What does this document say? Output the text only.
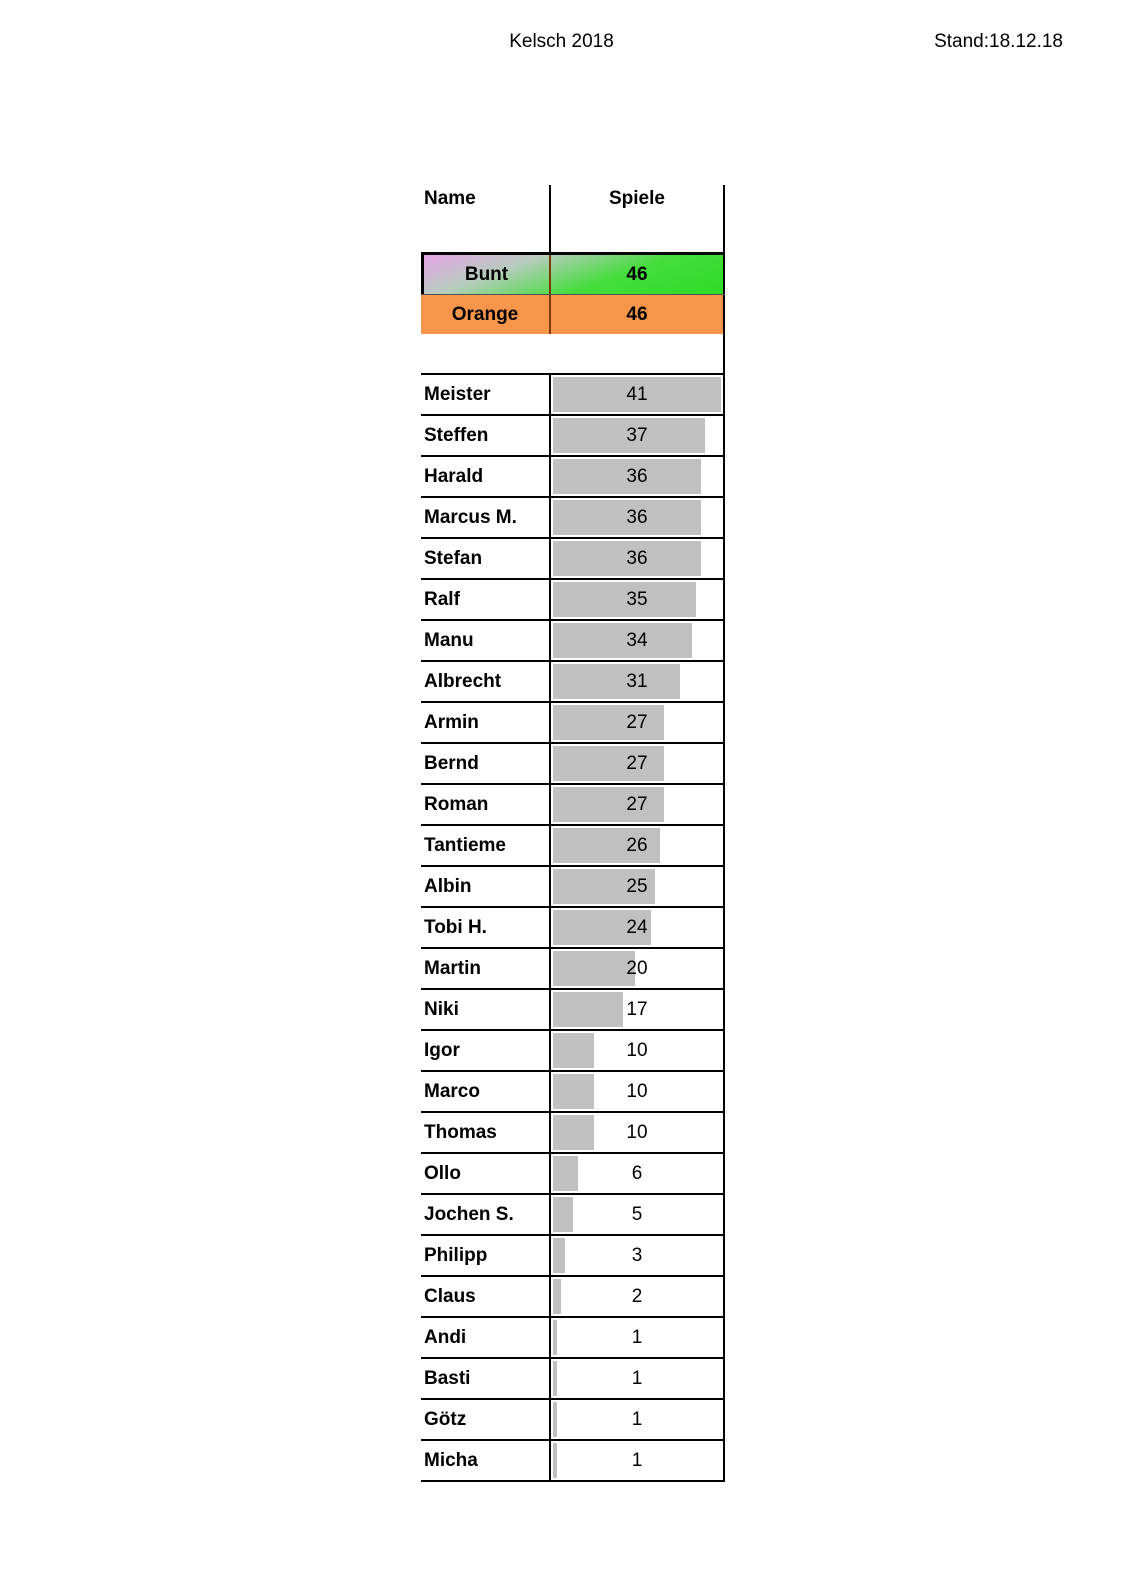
Kelsch 2018	Stand:18.12.18
Name	Spiele
Bunt	46
Orange	46
Meister	41
Steffen	37
Harald	36
Marcus M.	36
Stefan	36
Ralf	35
Manu	34
Albrecht	31
Armin	27
Bernd	27
Roman	27
Tantieme	26
Albin	25
Tobi H.	24
Martin	20
Niki	17
Igor	10
Marco	10
Thomas	10
Ollo	6
Jochen S.	5
Philipp	3
Claus	2
Andi	1
Basti	1
Götz	1
Micha	1
